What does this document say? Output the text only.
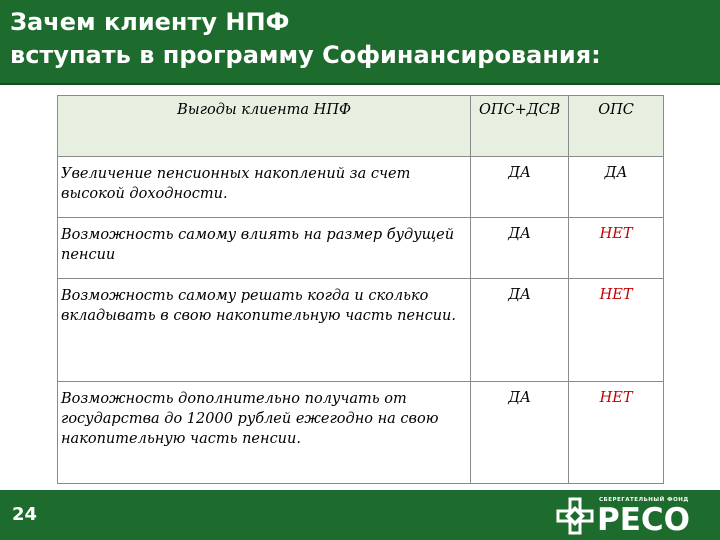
Зачем клиенту НПФ
вступать в программу Софинансирования:
Выгоды клиента НПФ	ОПС+ДСВ	ОПС
Увеличение пенсионных накоплений за счет высокой доходности.	ДА	ДА
Возможность самому влиять на размер будущей пенсии	ДА	НЕТ
Возможность самому решать когда и сколько вкладывать в свою накопительную часть пенсии.	ДА	НЕТ
Возможность дополнительно получать от государства до 12000 рублей ежегодно на свою накопительную часть пенсии.	ДА	НЕТ
24
СБЕРЕГАТЕЛЬНЫЙ ФОНД
РЕСО
